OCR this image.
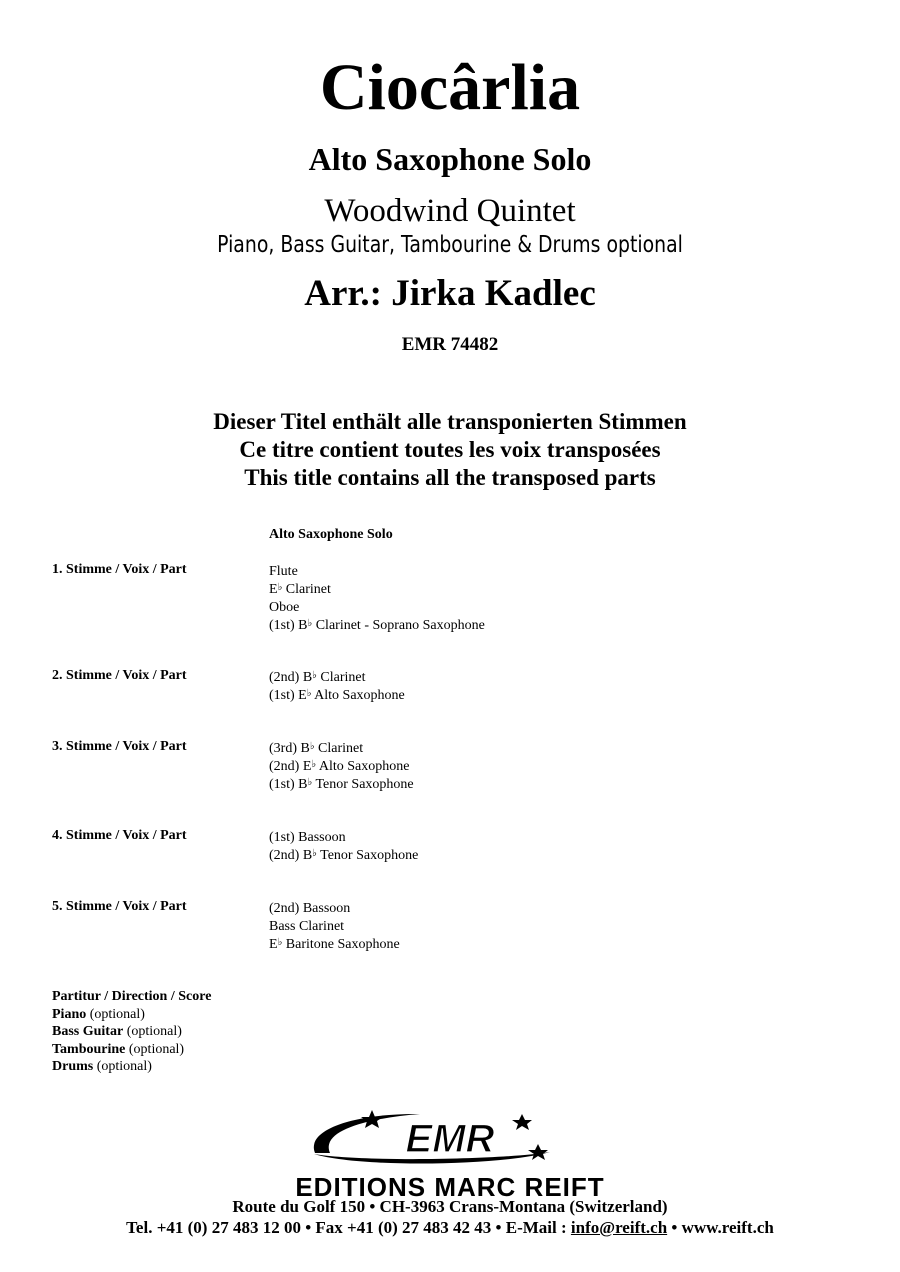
Ciocârlia
Alto Saxophone Solo
Woodwind Quintet
Piano, Bass Guitar, Tambourine & Drums optional
Arr.: Jirka Kadlec
EMR 74482
Dieser Titel enthält alle transponierten Stimmen
Ce titre contient toutes les voix transposées
This title contains all the transposed parts
Alto Saxophone Solo
1. Stimme / Voix / Part	Flute
E♭ Clarinet
Oboe
(1st) B♭ Clarinet - Soprano Saxophone
2. Stimme / Voix / Part	(2nd) B♭ Clarinet
(1st) E♭ Alto Saxophone
3. Stimme / Voix / Part	(3rd) B♭ Clarinet
(2nd) E♭ Alto Saxophone
(1st) B♭ Tenor Saxophone
4. Stimme / Voix / Part	(1st) Bassoon
(2nd) B♭ Tenor Saxophone
5. Stimme / Voix / Part	(2nd) Bassoon
Bass Clarinet
E♭ Baritone Saxophone
Partitur / Direction / Score
Piano (optional)
Bass Guitar (optional)
Tambourine (optional)
Drums (optional)
EMR
EDITIONS MARC REIFT
Route du Golf 150 • CH-3963 Crans-Montana (Switzerland)
Tel. +41 (0) 27 483 12 00 • Fax +41 (0) 27 483 42 43 • E-Mail : info@reift.ch • www.reift.ch
